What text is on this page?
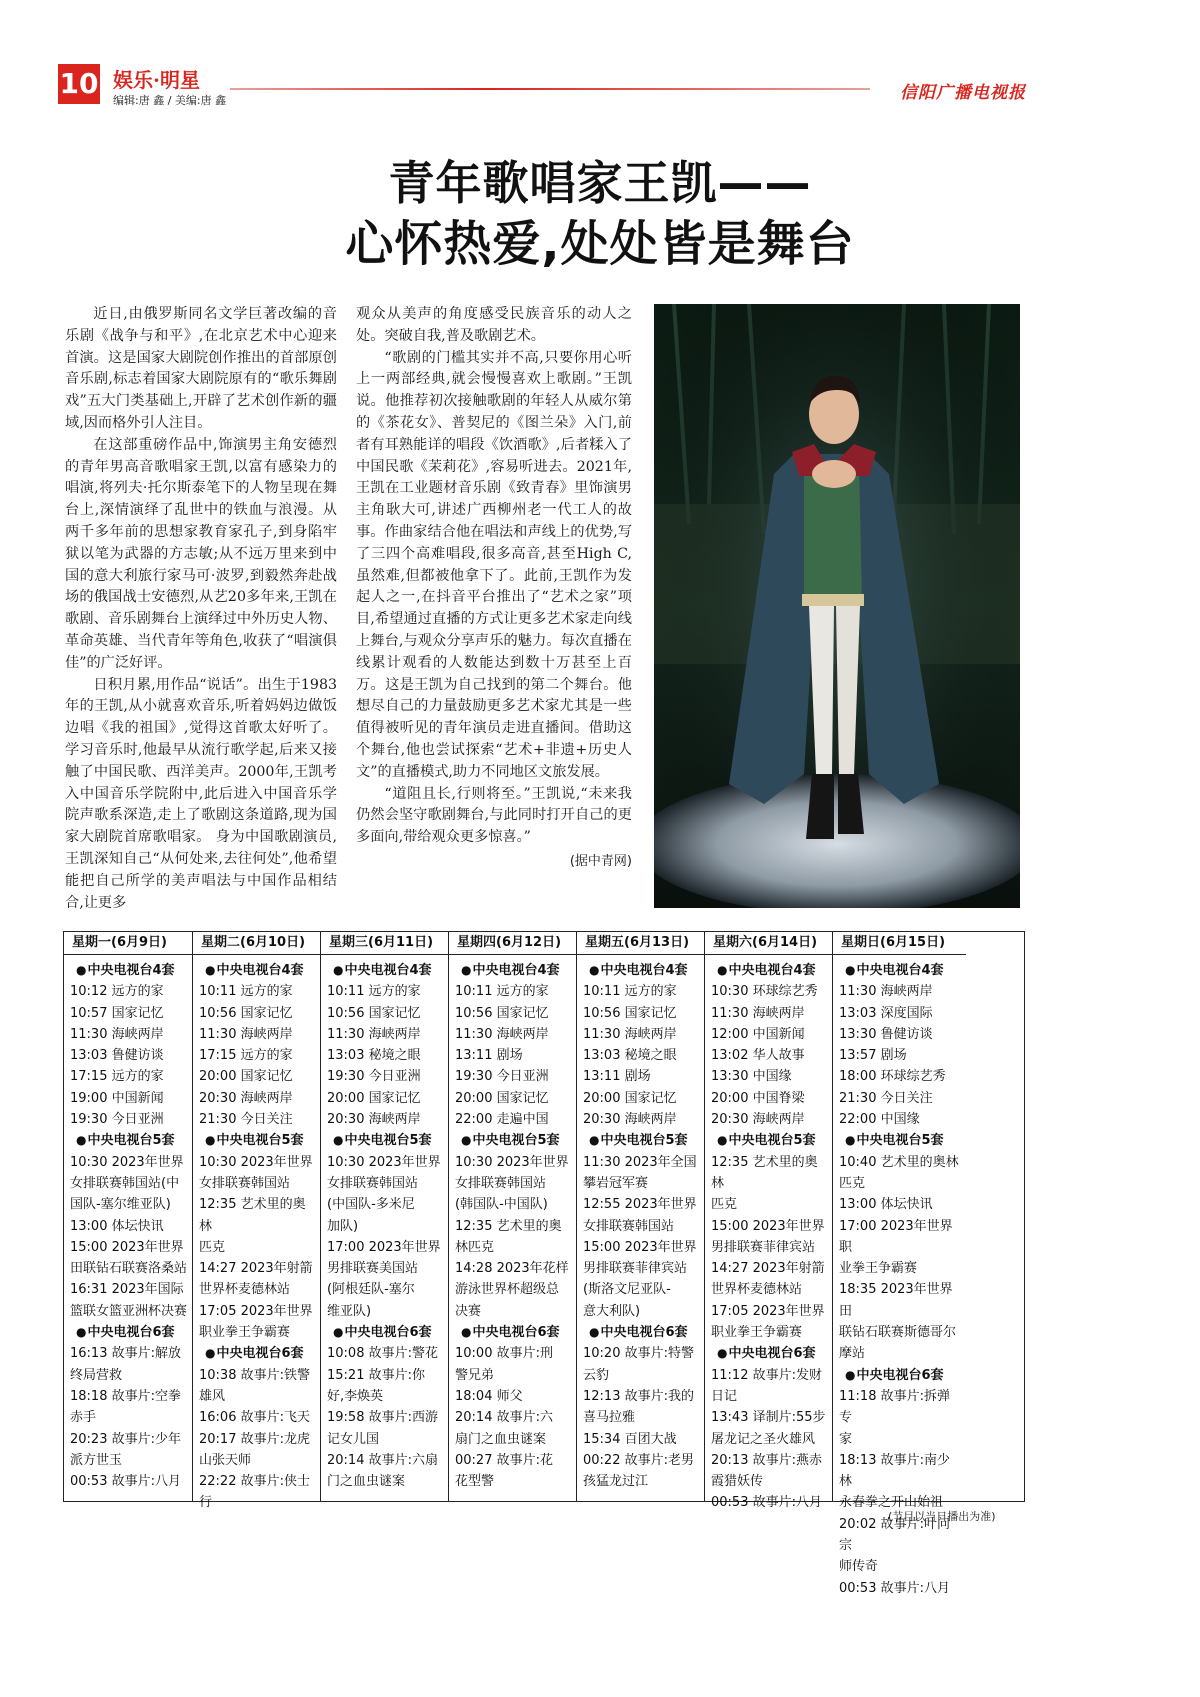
10 娱乐·明星
编辑:唐 鑫 / 美编:唐 鑫	信阳广播电视报
青年歌唱家王凯——
心怀热爱,处处皆是舞台

近日,由俄罗斯同名文学巨著改编的音乐剧《战争与和平》,在北京艺术中心迎来首演。这是国家大剧院创作推出的首部原创音乐剧,标志着国家大剧院原有的“歌乐舞剧戏”五大门类基础上,开辟了艺术创作新的疆域,因而格外引人注目。

在这部重磅作品中,饰演男主角安德烈的青年男高音歌唱家王凯,以富有感染力的唱演,将列夫·托尔斯泰笔下的人物呈现在舞台上,深情演绎了乱世中的铁血与浪漫。从两千多年前的思想家教育家孔子,到身陷牢狱以笔为武器的方志敏;从不远万里来到中国的意大利旅行家马可·波罗,到毅然奔赴战场的俄国战士安德烈,从艺20多年来,王凯在歌剧、音乐剧舞台上演绎过中外历史人物、革命英雄、当代青年等角色,收获了“唱演俱佳”的广泛好评。

日积月累,用作品“说话”。出生于1983年的王凯,从小就喜欢音乐,听着妈妈边做饭边唱《我的祖国》,觉得这首歌太好听了。学习音乐时,他最早从流行歌学起,后来又接触了中国民歌、西洋美声。2000年,王凯考入中国音乐学院附中,此后进入中国音乐学院声歌系深造,走上了歌剧这条道路,现为国家大剧院首席歌唱家。 身为中国歌剧演员,王凯深知自己“从何处来,去往何处”,他希望能把自己所学的美声唱法与中国作品相结合,让更多

观众从美声的角度感受民族音乐的动人之处。突破自我,普及歌剧艺术。

“歌剧的门槛其实并不高,只要你用心听上一两部经典,就会慢慢喜欢上歌剧。”王凯说。他推荐初次接触歌剧的年轻人从威尔第的《茶花女》、普契尼的《图兰朵》入门,前者有耳熟能详的唱段《饮酒歌》,后者糅入了中国民歌《茉莉花》,容易听进去。2021年,王凯在工业题材音乐剧《致青春》里饰演男主角耿大可,讲述广西柳州老一代工人的故事。作曲家结合他在唱法和声线上的优势,写了三四个高难唱段,很多高音,甚至High C,虽然难,但都被他拿下了。此前,王凯作为发起人之一,在抖音平台推出了“艺术之家”项目,希望通过直播的方式让更多艺术家走向线上舞台,与观众分享声乐的魅力。每次直播在线累计观看的人数能达到数十万甚至上百万。这是王凯为自己找到的第二个舞台。他想尽自己的力量鼓励更多艺术家尤其是一些值得被听见的青年演员走进直播间。借助这个舞台,他也尝试探索“艺术+非遗+历史人文”的直播模式,助力不同地区文旅发展。

“道阻且长,行则将至。”王凯说,“未来我仍然会坚守歌剧舞台,与此同时打开自己的更多面向,带给观众更多惊喜。”

(据中青网)
星期一(6月9日)
● 中央电视台4套
10:12 远方的家
10:57 国家记忆
11:30 海峡两岸
13:03 鲁健访谈
17:15 远方的家
19:00 中国新闻
19:30 今日亚洲
● 中央电视台5套
10:30 2023年世界
女排联赛韩国站(中
国队-塞尔维亚队)
13:00 体坛快讯
15:00 2023年世界
田联钻石联赛洛桑站
16:31 2023年国际
篮联女篮亚洲杯决赛
● 中央电视台6套
16:13 故事片:解放
终局营救
18:18 故事片:空拳
赤手
20:23 故事片:少年
派方世玉
00:53 故事片:八月
星期二(6月10日)
● 中央电视台4套
10:11 远方的家
10:56 国家记忆
11:30 海峡两岸
17:15 远方的家
20:00 国家记忆
20:30 海峡两岸
21:30 今日关注
● 中央电视台5套
10:30 2023年世界
女排联赛韩国站
12:35 艺术里的奥林
匹克
14:27 2023年射箭
世界杯麦德林站
17:05 2023年世界
职业拳王争霸赛
● 中央电视台6套
10:38 故事片:铁警
雄风
16:06 故事片:飞天
20:17 故事片:龙虎
山张天师
22:22 故事片:侠士
行
星期三(6月11日)
● 中央电视台4套
10:11 远方的家
10:56 国家记忆
11:30 海峡两岸
13:03 秘境之眼
19:30 今日亚洲
20:00 国家记忆
20:30 海峡两岸
● 中央电视台5套
10:30 2023年世界
女排联赛韩国站
(中国队-多米尼
加队)
17:00 2023年世界
男排联赛美国站
(阿根廷队-塞尔
维亚队)
● 中央电视台6套
10:08 故事片:警花
15:21 故事片:你
好,李焕英
19:58 故事片:西游
记女儿国
20:14 故事片:六扇
门之血虫谜案
星期四(6月12日)
● 中央电视台4套
10:11 远方的家
10:56 国家记忆
11:30 海峡两岸
13:11 剧场
19:30 今日亚洲
20:00 国家记忆
22:00 走遍中国
● 中央电视台5套
10:30 2023年世界
女排联赛韩国站
(韩国队-中国队)
12:35 艺术里的奥
林匹克
14:28 2023年花样
游泳世界杯超级总
决赛
● 中央电视台6套
10:00 故事片:刑
警兄弟
18:04 师父
20:14 故事片:六
扇门之血虫谜案
00:27 故事片:花
花型警
星期五(6月13日)
● 中央电视台4套
10:11 远方的家
10:56 国家记忆
11:30 海峡两岸
13:03 秘境之眼
13:11 剧场
20:00 国家记忆
20:30 海峡两岸
● 中央电视台5套
11:30 2023年全国
攀岩冠军赛
12:55 2023年世界
女排联赛韩国站
15:00 2023年世界
男排联赛菲律宾站
(斯洛文尼亚队-
意大利队)
● 中央电视台6套
10:20 故事片:特警
云豹
12:13 故事片:我的
喜马拉雅
15:34 百团大战
00:22 故事片:老男
孩猛龙过江
星期六(6月14日)
● 中央电视台4套
10:30 环球综艺秀
11:30 海峡两岸
12:00 中国新闻
13:02 华人故事
13:30 中国缘
20:00 中国脊梁
20:30 海峡两岸
● 中央电视台5套
12:35 艺术里的奥林
匹克
15:00 2023年世界
男排联赛菲律宾站
14:27 2023年射箭
世界杯麦德林站
17:05 2023年世界
职业拳王争霸赛
● 中央电视台6套
11:12 故事片:发财
日记
13:43 译制片:55步
屠龙记之圣火雄风
20:13 故事片:燕赤
霞猎妖传
00:53 故事片:八月
星期日(6月15日)
● 中央电视台4套
11:30 海峡两岸
13:03 深度国际
13:30 鲁健访谈
13:57 剧场
18:00 环球综艺秀
21:30 今日关注
22:00 中国缘
● 中央电视台5套
10:40 艺术里的奥林
匹克
13:00 体坛快讯
17:00 2023年世界职
业拳王争霸赛
18:35 2023年世界田
联钻石联赛斯德哥尔
摩站
● 中央电视台6套
11:18 故事片:拆弹专
家
18:13 故事片:南少林
永春拳之开山始祖
20:02 故事片:叶问宗
师传奇
00:53 故事片:八月
(节目以当日播出为准)
